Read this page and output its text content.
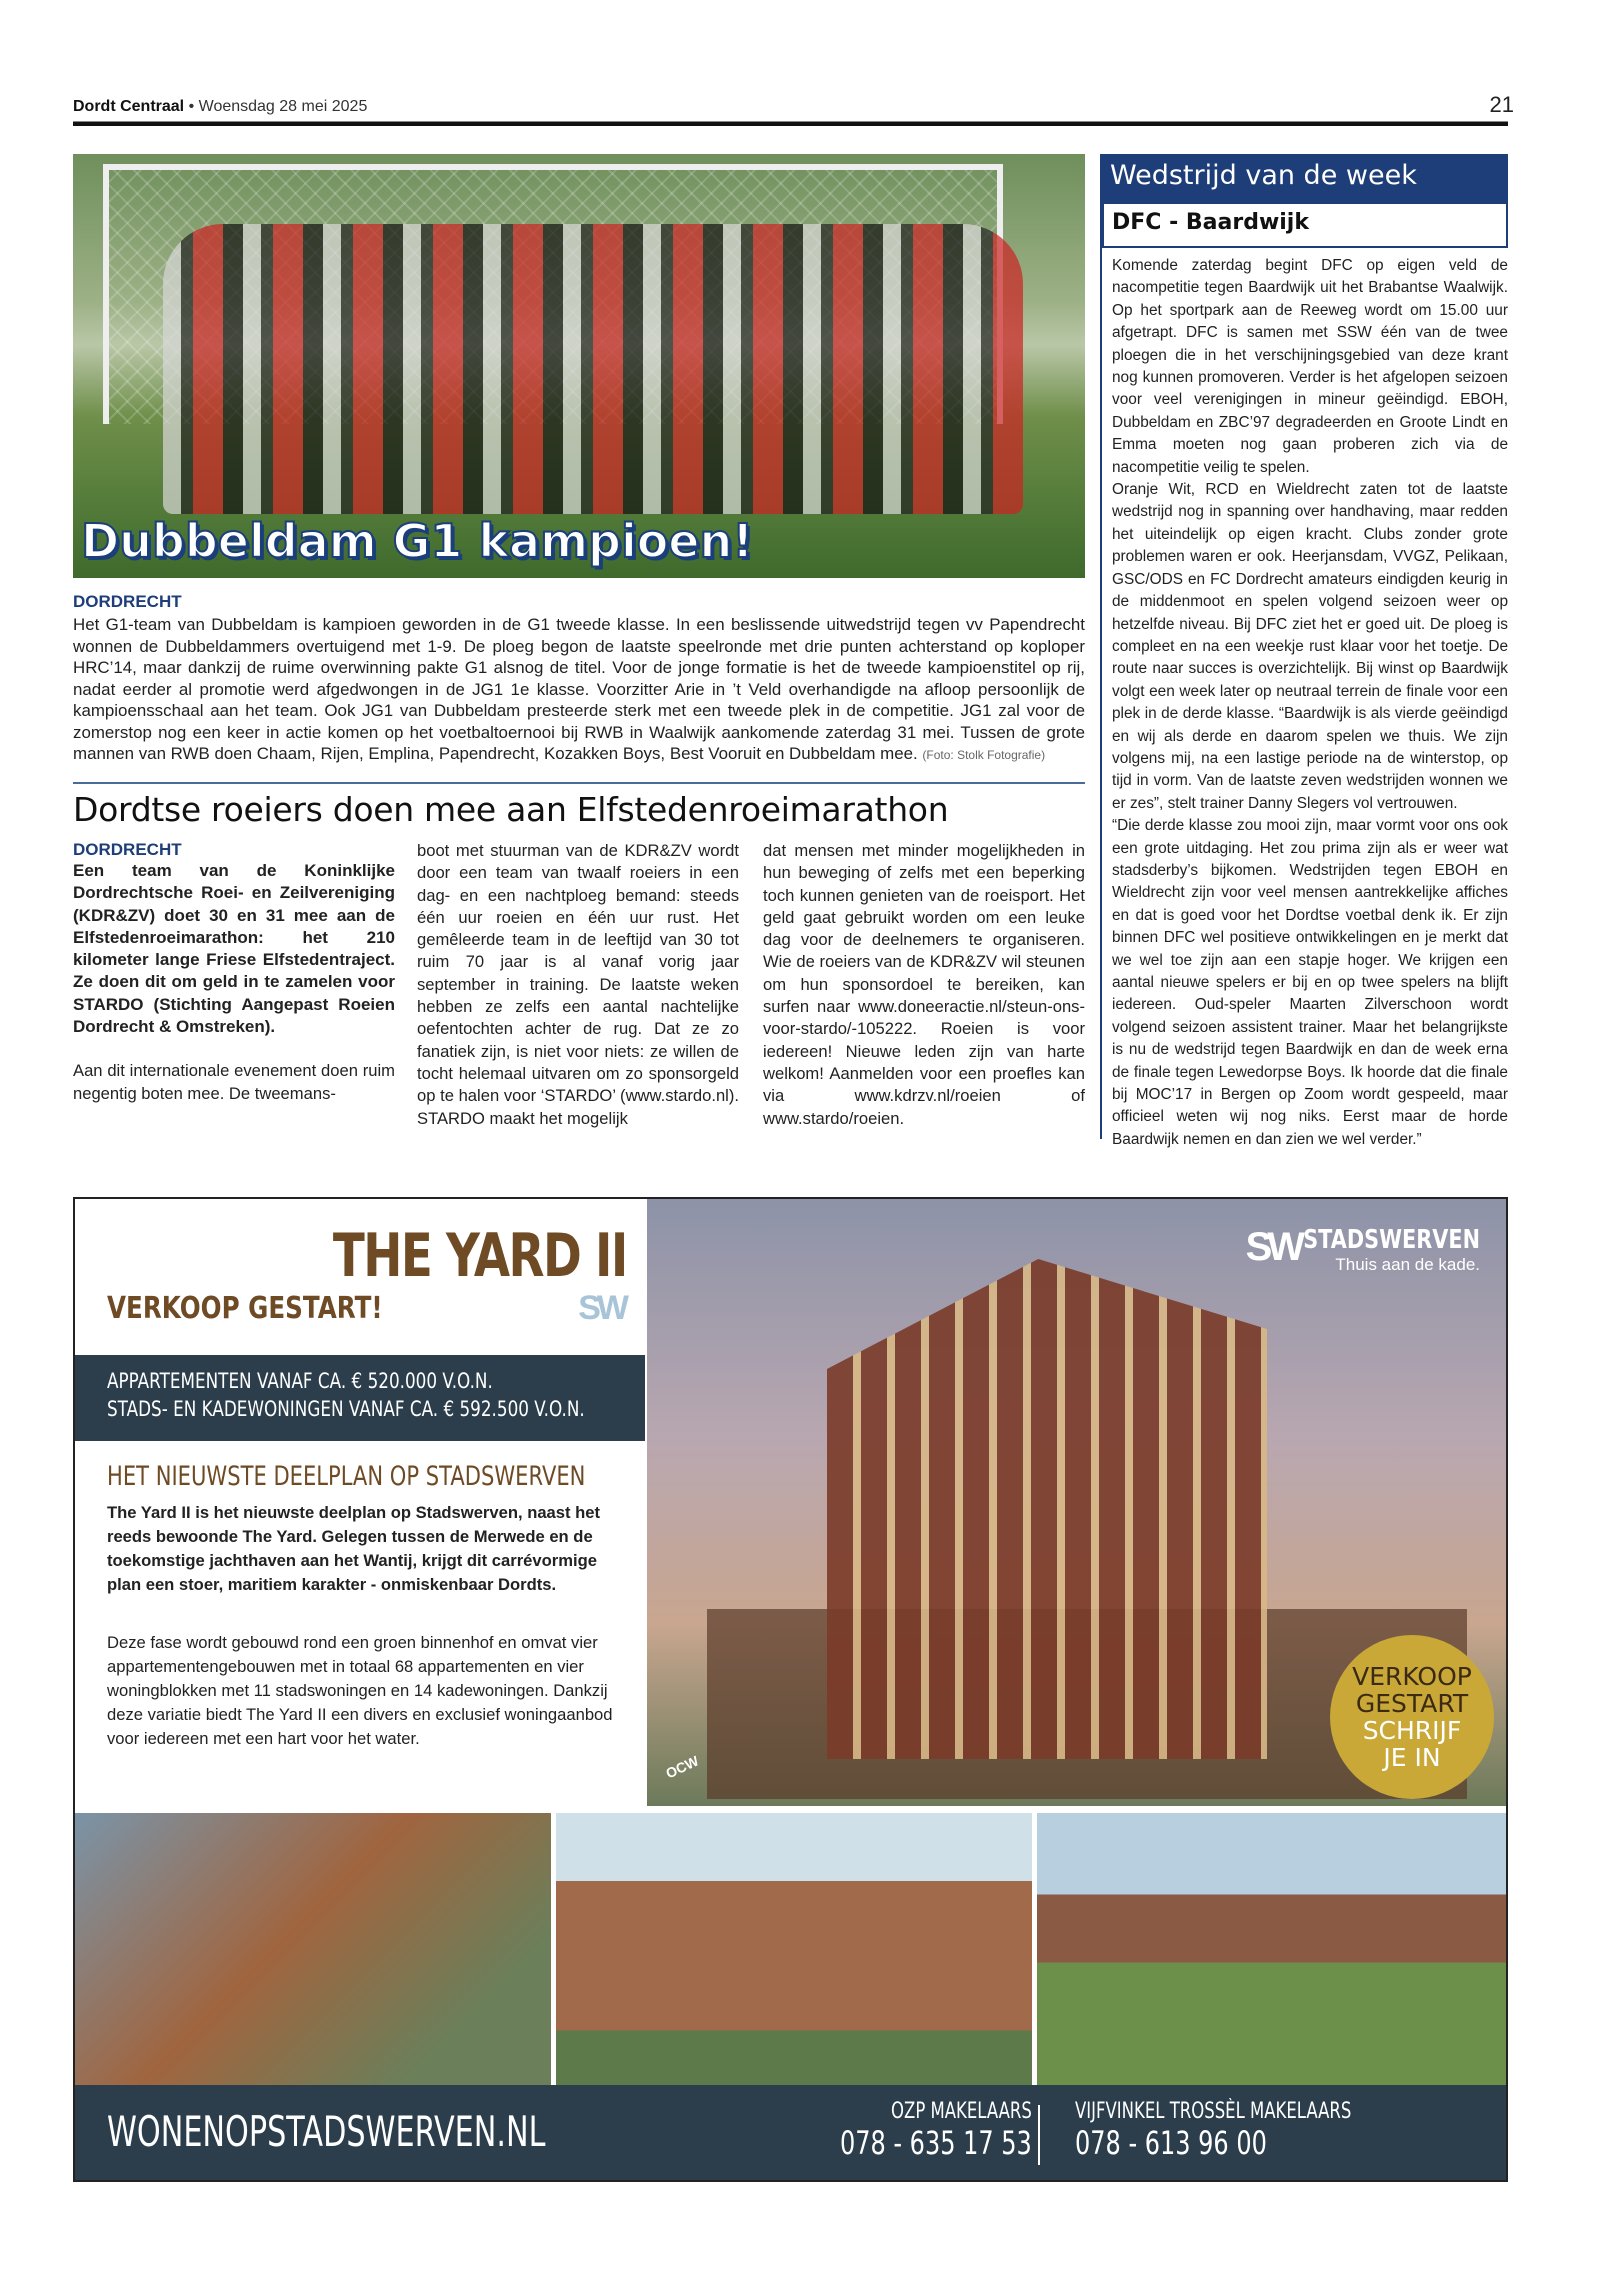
Dordt Centraal • Woensdag 28 mei 2025	21
Dubbeldam G1 kampioen!
DORDRECHT
Het G1-team van Dubbeldam is kampioen geworden in de G1 tweede klasse. In een beslissende uitwedstrijd tegen vv Papendrecht wonnen de Dubbeldammers overtuigend met 1-9. De ploeg begon de laatste speelronde met drie punten achterstand op koploper HRC’14, maar dankzij de ruime overwinning pakte G1 alsnog de titel. Voor de jonge formatie is het de tweede kampioenstitel op rij, nadat eerder al promotie werd afgedwongen in de JG1 1e klasse. Voorzitter Arie in ’t Veld overhandigde na afloop persoonlijk de kampioensschaal aan het team. Ook JG1 van Dubbeldam presteerde sterk met een tweede plek in de competitie. JG1 zal voor de zomerstop nog een keer in actie komen op het voetbaltoernooi bij RWB in Waalwijk aankomende zaterdag 31 mei. Tussen de grote mannen van RWB doen Chaam, Rijen, Emplina, Papendrecht, Kozakken Boys, Best Vooruit en Dubbeldam mee. (Foto: Stolk Fotografie)
Dordtse roeiers doen mee aan Elfstedenroeimarathon
DORDRECHT
Een team van de Koninklijke Dordrechtsche Roei- en Zeilvereniging (KDR&ZV) doet 30 en 31 mee aan de Elfstedenroeimarathon: het 210 kilometer lange Friese Elfstedentraject. Ze doen dit om geld in te zamelen voor STARDO (Stichting Aangepast Roeien Dordrecht & Omstreken).
Aan dit internationale evenement doen ruim negentig boten mee. De tweemans-
boot met stuurman van de KDR&ZV wordt door een team van twaalf roeiers in een dag- en een nachtploeg bemand: steeds één uur roeien en één uur rust. Het gemêleerde team in de leeftijd van 30 tot ruim 70 jaar is al vanaf vorig jaar september in training. De laatste weken hebben ze zelfs een aantal nachtelijke oefentochten achter de rug. Dat ze zo fanatiek zijn, is niet voor niets: ze willen de tocht helemaal uitvaren om zo sponsorgeld op te halen voor ‘STARDO’ (www.stardo.nl). STARDO maakt het mogelijk
dat mensen met minder mogelijkheden in hun beweging of zelfs met een beperking toch kunnen genieten van de roeisport. Het geld gaat gebruikt worden om een leuke dag voor de deelnemers te organiseren. Wie de roeiers van de KDR&ZV wil steunen om hun sponsordoel te bereiken, kan surfen naar www.doneeractie.nl/steun-ons-voor-stardo/-105222. Roeien is voor iedereen! Nieuwe leden zijn van harte welkom! Aanmelden voor een proefles kan via www.kdrzv.nl/roeien of www.stardo/roeien.
Wedstrijd van de week
DFC - Baardwijk

Komende zaterdag begint DFC op eigen veld de nacompetitie tegen Baardwijk uit het Brabantse Waalwijk. Op het sportpark aan de Reeweg wordt om 15.00 uur afgetrapt. DFC is samen met SSW één van de twee ploegen die in het verschijningsgebied van deze krant nog kunnen promoveren. Verder is het afgelopen seizoen voor veel verenigingen in mineur geëindigd. EBOH, Dubbeldam en ZBC’97 degradeerden en Groote Lindt en Emma moeten nog gaan proberen zich via de nacompetitie veilig te spelen.

Oranje Wit, RCD en Wieldrecht zaten tot de laatste wedstrijd nog in spanning over handhaving, maar redden het uiteindelijk op eigen kracht. Clubs zonder grote problemen waren er ook. Heerjansdam, VVGZ, Pelikaan, GSC/ODS en FC Dordrecht amateurs eindigden keurig in de middenmoot en spelen volgend seizoen weer op hetzelfde niveau. Bij DFC ziet het er goed uit. De ploeg is compleet en na een weekje rust klaar voor het toetje. De route naar succes is overzichtelijk. Bij winst op Baardwijk volgt een week later op neutraal terrein de finale voor een plek in de derde klasse. “Baardwijk is als vierde geëindigd en wij als derde en daarom spelen we thuis. We zijn volgens mij, na een lastige periode na de winterstop, op tijd in vorm. Van de laatste zeven wedstrijden wonnen we er zes”, stelt trainer Danny Slegers vol vertrouwen.

“Die derde klasse zou mooi zijn, maar vormt voor ons ook een grote uitdaging. Het zou prima zijn als er weer wat stadsderby’s bijkomen. Wedstrijden tegen EBOH en Wieldrecht zijn voor veel mensen aantrekkelijke affiches en dat is goed voor het Dordtse voetbal denk ik. Er zijn binnen DFC wel positieve ontwikkelingen en je merkt dat we wel toe zijn aan een stapje hoger. We krijgen een aantal nieuwe spelers er bij en op twee spelers na blijft iedereen. Oud-speler Maarten Zilverschoon wordt volgend seizoen assistent trainer. Maar het belangrijkste is nu de wedstrijd tegen Baardwijk en dan de week erna de finale tegen Lewedorpse Boys. Ik hoorde dat die finale bij MOC’17 in Bergen op Zoom wordt gespeeld, maar officieel weten wij nog niks. Eerst maar de horde Baardwijk nemen en dan zien we wel verder.”

THE YARD II
SW
VERKOOP GESTART!
APPARTEMENTEN VANAF CA. € 520.000 V.O.N.
STADS- EN KADEWONINGEN VANAF CA. € 592.500 V.O.N.
HET NIEUWSTE DEELPLAN OP STADSWERVEN
The Yard II is het nieuwste deelplan op Stadswerven, naast het reeds bewoonde The Yard. Gelegen tussen de Merwede en de toekomstige jachthaven aan het Wantij, krijgt dit carrévormige plan een stoer, maritiem karakter - onmiskenbaar Dordts.
Deze fase wordt gebouwd rond een groen binnenhof en omvat vier appartementengebouwen met in totaal 68 appartementen en vier woningblokken met 11 stadswoningen en 14 kadewoningen. Dankzij deze variatie biedt The Yard II een divers en exclusief woningaanbod voor iedereen met een hart voor het water.
SW STADSWERVEN
Thuis aan de kade.
OCW
VERKOOP
GESTART
SCHRIJF
JE IN
WONENOPSTADSWERVEN.NL	OZP MAKELAARS
078 - 635 17 53
VIJFVINKEL TROSSÈL MAKELAARS
078 - 613 96 00
